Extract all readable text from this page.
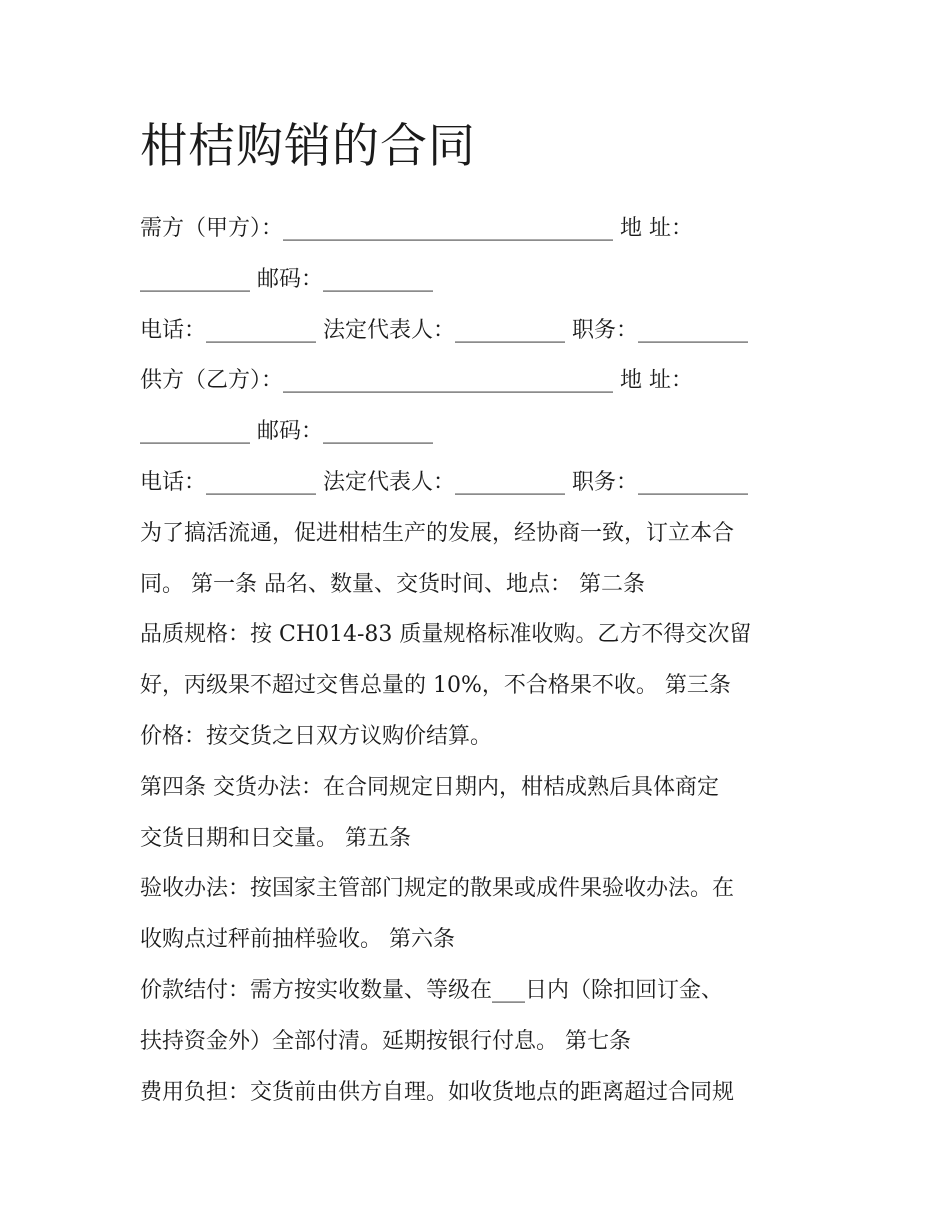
柑桔购销的合同
需方（甲方）：______________________________ 地 址：
__________ 邮码：__________
电话：__________ 法定代表人：__________ 职务：__________
供方（乙方）：______________________________ 地 址：
__________ 邮码：__________
电话：__________ 法定代表人：__________ 职务：__________
为了搞活流通，促进柑桔生产的发展，经协商一致，订立本合
同。 第一条 品名、数量、交货时间、地点： 第二条
品质规格：按 CH014-83 质量规格标准收购。乙方不得交次留
好，丙级果不超过交售总量的 10%，不合格果不收。 第三条
价格：按交货之日双方议购价结算。
第四条 交货办法：在合同规定日期内，柑桔成熟后具体商定
交货日期和日交量。 第五条
验收办法：按国家主管部门规定的散果或成件果验收办法。在
收购点过秤前抽样验收。 第六条
价款结付：需方按实收数量、等级在___日内（除扣回订金、
扶持资金外）全部付清。延期按银行付息。 第七条
费用负担：交货前由供方自理。如收货地点的距离超过合同规
